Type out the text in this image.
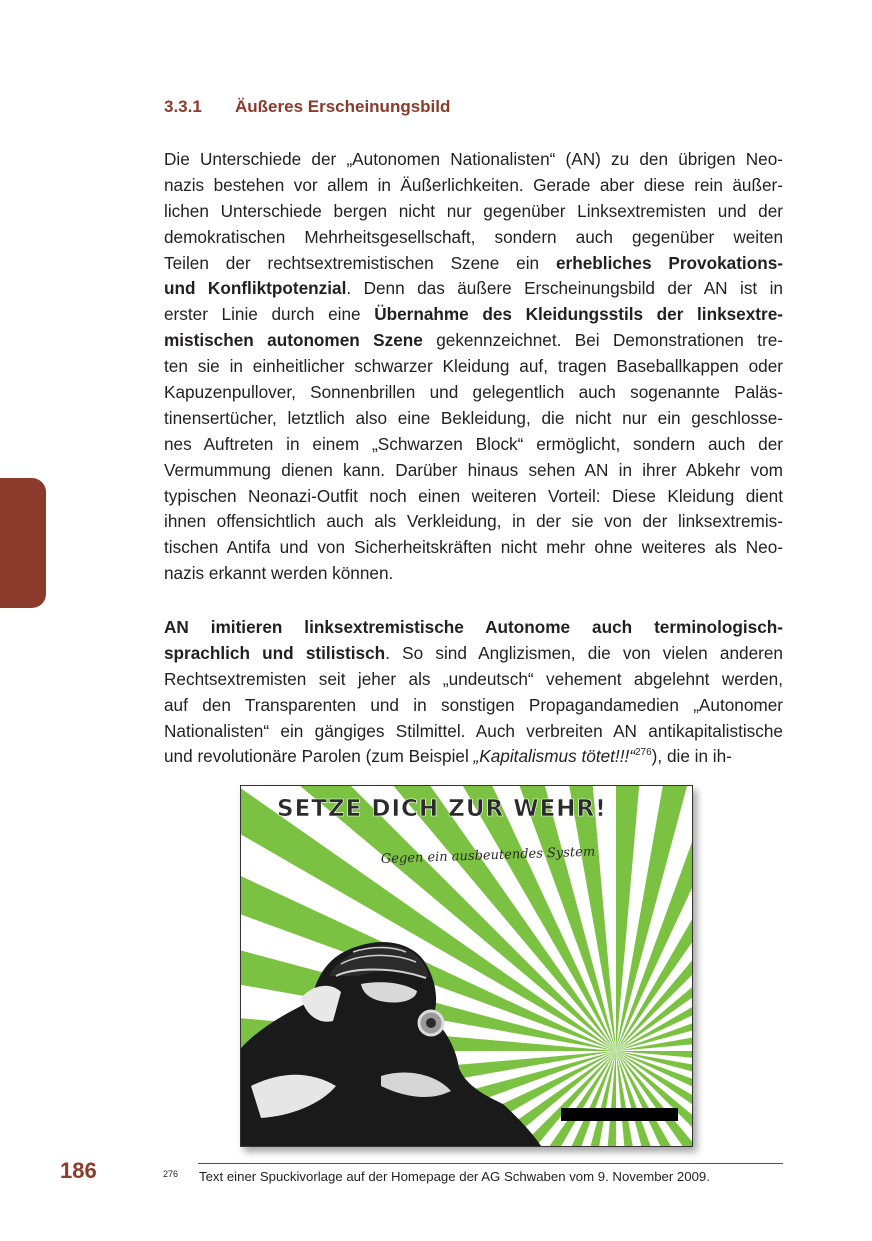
3.3.1 Äußeres Erscheinungsbild
Die Unterschiede der „Autonomen Nationalisten“ (AN) zu den übrigen Neo-
nazis bestehen vor allem in Äußerlichkeiten. Gerade aber diese rein äußer-
lichen Unterschiede bergen nicht nur gegenüber Linksextremisten und der
demokratischen Mehrheitsgesellschaft, sondern auch gegenüber weiten
Teilen der rechtsextremistischen Szene ein erhebliches Provokations-
und Konfliktpotenzial. Denn das äußere Erscheinungsbild der AN ist in
erster Linie durch eine Übernahme des Kleidungsstils der linksextre-
mistischen autonomen Szene gekennzeichnet. Bei Demonstrationen tre-
ten sie in einheitlicher schwarzer Kleidung auf, tragen Baseballkappen oder
Kapuzenpullover, Sonnenbrillen und gelegentlich auch sogenannte Paläs-
tinensertücher, letztlich also eine Bekleidung, die nicht nur ein geschlosse-
nes Auftreten in einem „Schwarzen Block“ ermöglicht, sondern auch der
Vermummung dienen kann. Darüber hinaus sehen AN in ihrer Abkehr vom
typischen Neonazi-Outfit noch einen weiteren Vorteil: Diese Kleidung dient
ihnen offensichtlich auch als Verkleidung, in der sie von der linksextremis-
tischen Antifa und von Sicherheitskräften nicht mehr ohne weiteres als Neo-
nazis erkannt werden können.
AN imitieren linksextremistische Autonome auch terminologisch-
sprachlich und stilistisch. So sind Anglizismen, die von vielen anderen
Rechtsextremisten seit jeher als „undeutsch“ vehement abgelehnt werden,
auf den Transparenten und in sonstigen Propagandamedien „Autonomer
Nationalisten“ ein gängiges Stilmittel. Auch verbreiten AN antikapitalistische
und revolutionäre Parolen (zum Beispiel „Kapitalismus tötet!!!“$^{276}$), die in ih-
SETZE DICH ZUR WEHR!
Gegen ein ausbeutendes System
186	276 Text einer Spuckivorlage auf der Homepage der AG Schwaben vom 9. November 2009.
